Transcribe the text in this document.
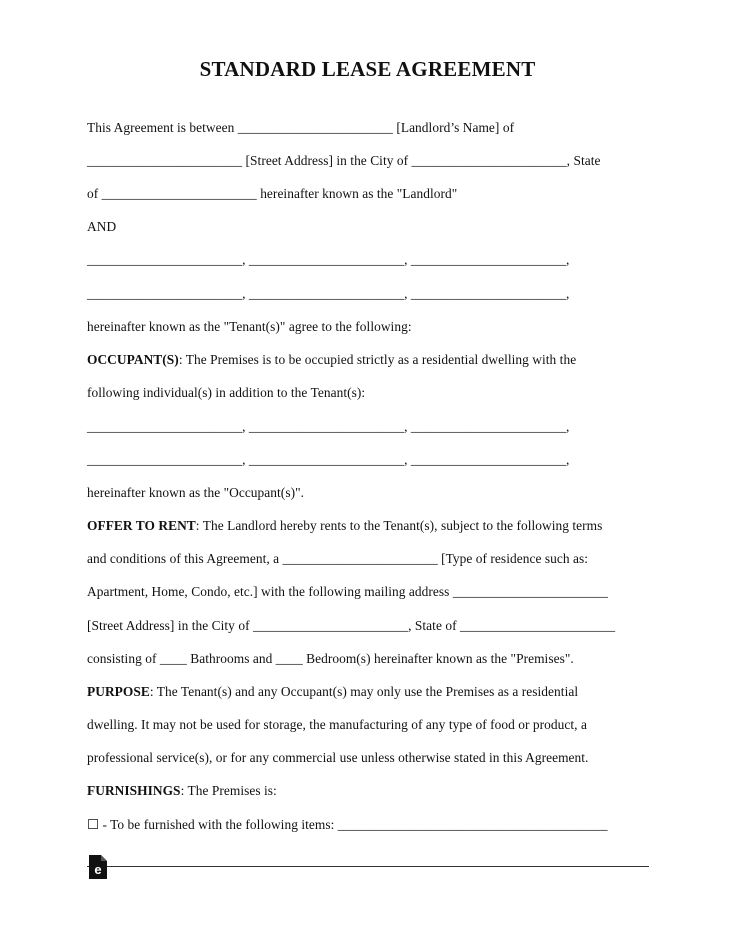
STANDARD LEASE AGREEMENT
This Agreement is between _______________________ [Landlord’s Name] of
_______________________ [Street Address] in the City of _______________________, State
of _______________________ hereinafter known as the "Landlord"
AND
_______________________, _______________________, _______________________,
_______________________, _______________________, _______________________,
hereinafter known as the "Tenant(s)" agree to the following:
OCCUPANT(S): The Premises is to be occupied strictly as a residential dwelling with the
following individual(s) in addition to the Tenant(s):
_______________________, _______________________, _______________________,
_______________________, _______________________, _______________________,
hereinafter known as the "Occupant(s)".
OFFER TO RENT: The Landlord hereby rents to the Tenant(s), subject to the following terms
and conditions of this Agreement, a _______________________ [Type of residence such as:
Apartment, Home, Condo, etc.] with the following mailing address _______________________
[Street Address] in the City of _______________________, State of _______________________
consisting of ____ Bathrooms and ____ Bedroom(s) hereinafter known as the "Premises".
PURPOSE: The Tenant(s) and any Occupant(s) may only use the Premises as a residential
dwelling. It may not be used for storage, the manufacturing of any type of food or product, a
professional service(s), or for any commercial use unless otherwise stated in this Agreement.
FURNISHINGS: The Premises is:
☐ - To be furnished with the following items: ________________________________________
e
